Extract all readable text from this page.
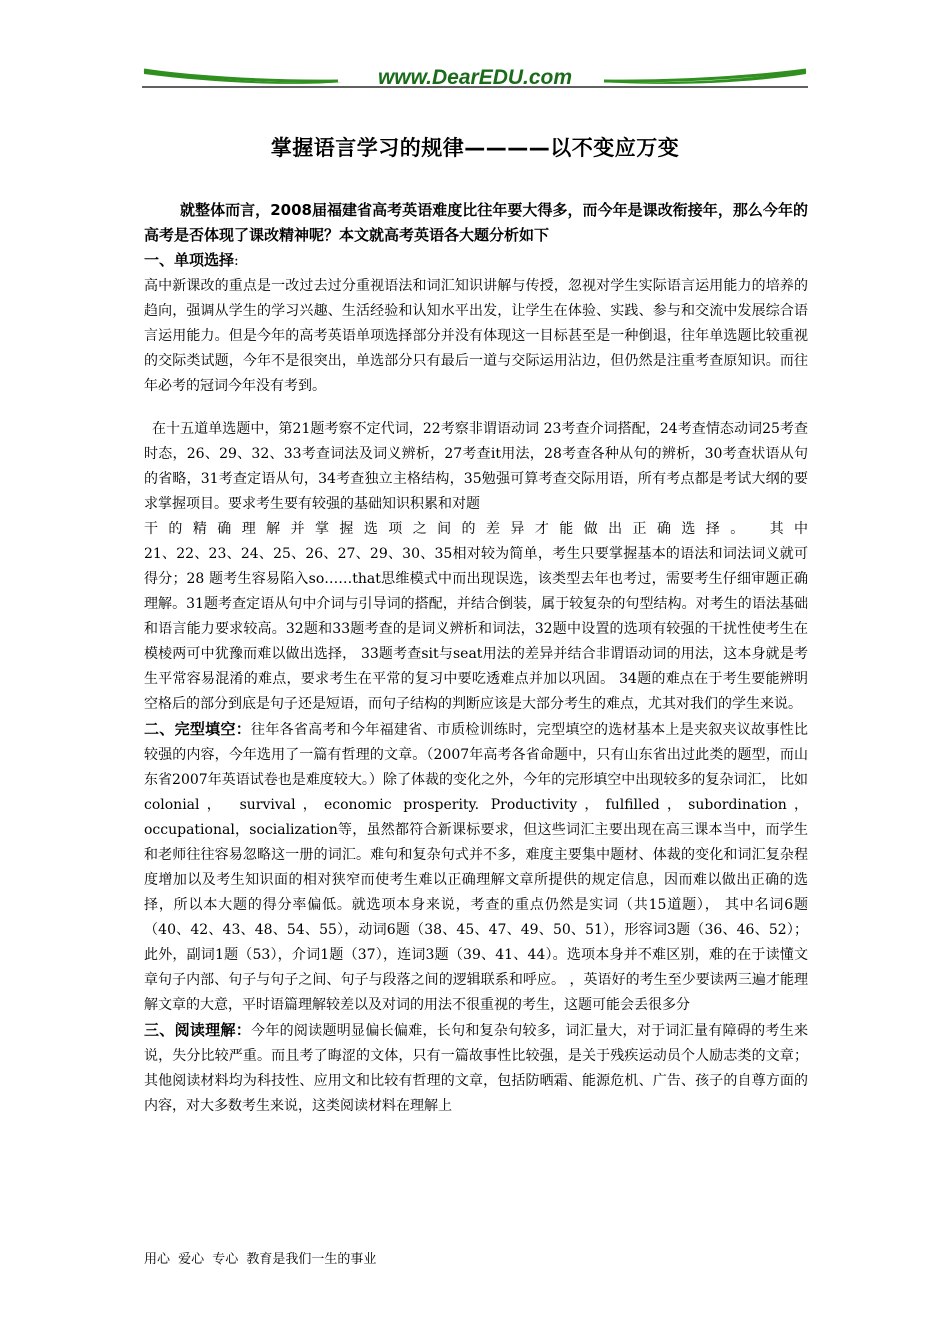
www.DearEDU.com
掌握语言学习的规律————以不变应万变

就整体而言，2008届福建省高考英语难度比往年要大得多，而今年是课改衔接年，那么今年的高考是否体现了课改精神呢？本文就高考英语各大题分析如下

一、单项选择:

高中新课改的重点是一改过去过分重视语法和词汇知识讲解与传授，忽视对学生实际语言运用能力的培养的趋向，强调从学生的学习兴趣、生活经验和认知水平出发，让学生在体验、实践、参与和交流中发展综合语言运用能力。但是今年的高考英语单项选择部分并没有体现这一目标甚至是一种倒退，往年单选题比较重视的交际类试题，今年不是很突出，单选部分只有最后一道与交际运用沾边，但仍然是注重考查原知识。而往年必考的冠词今年没有考到。

在十五道单选题中，第21题考察不定代词，22考察非谓语动词 23考查介词搭配，24考查情态动词25考查时态，26、29、32、33考查词法及词义辨析，27考查it用法，28考查各种从句的辨析，30考查状语从句的省略，31考查定语从句，34考查独立主格结构，35勉强可算考查交际用语，所有考点都是考试大纲的要求掌握项目。要求考生要有较强的基础知识积累和对题

干的精确理解并掌握选项之间的差异才能做出正确选择。 其中

21、22、23、24、25、26、27、29、30、35相对较为简单，考生只要掌握基本的语法和词法词义就可得分；28 题考生容易陷入so……that思维模式中而出现误选，该类型去年也考过，需要考生仔细审题正确理解。31题考查定语从句中介词与引导词的搭配，并结合倒装，属于较复杂的句型结构。对考生的语法基础和语言能力要求较高。32题和33题考查的是词义辨析和词法，32题中设置的选项有较强的干扰性使考生在模棱两可中犹豫而难以做出选择， 33题考查sit与seat用法的差异并结合非谓语动词的用法，这本身就是考生平常容易混淆的难点，要求考生在平常的复习中要吃透难点并加以巩固。 34题的难点在于考生要能辨明空格后的部分到底是句子还是短语，而句子结构的判断应该是大部分考生的难点，尤其对我们的学生来说。

二、完型填空：往年各省高考和今年福建省、市质检训练时，完型填空的选材基本上是夹叙夹议故事性比较强的内容，今年选用了一篇有哲理的文章。（2007年高考各省命题中，只有山东省出过此类的题型，而山东省2007年英语试卷也是难度较大。）除了体裁的变化之外，今年的完形填空中出现较多的复杂词汇， 比如colonial， survival，economic prosperity. Productivity，fulfilled，subordination，occupational，socialization等，虽然都符合新课标要求，但这些词汇主要出现在高三课本当中，而学生和老师往往容易忽略这一册的词汇。难句和复杂句式并不多，难度主要集中题材、体裁的变化和词汇复杂程度增加以及考生知识面的相对狭窄而使考生难以正确理解文章所提供的规定信息，因而难以做出正确的选择，所以本大题的得分率偏低。就选项本身来说，考查的重点仍然是实词（共15道题）， 其中名词6题（40、42、43、48、54、55），动词6题（38、45、47、49、50、51），形容词3题（36、46、52）；此外，副词1题（53），介词1题（37），连词3题（39、41、44）。选项本身并不难区别，难的在于读懂文章句子内部、句子与句子之间、句子与段落之间的逻辑联系和呼应。 ，英语好的考生至少要读两三遍才能理解文章的大意，平时语篇理解较差以及对词的用法不很重视的考生，这题可能会丢很多分

三、阅读理解：今年的阅读题明显偏长偏难，长句和复杂句较多，词汇量大，对于词汇量有障碍的考生来说，失分比较严重。而且考了晦涩的文体，只有一篇故事性比较强，是关于残疾运动员个人励志类的文章；其他阅读材料均为科技性、应用文和比较有哲理的文章，包括防晒霜、能源危机、广告、孩子的自尊方面的内容，对大多数考生来说，这类阅读材料在理解上

用心 爱心 专心 教育是我们一生的事业
